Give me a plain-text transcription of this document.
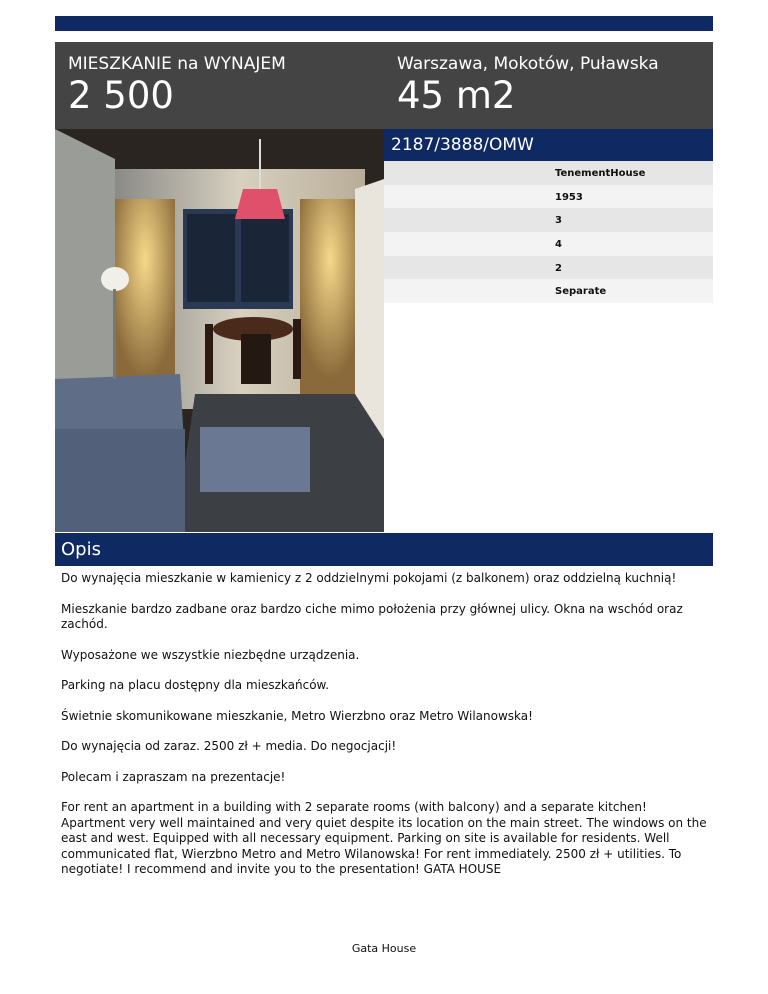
MIESZKANIE na WYNAJEM
2 500
Warszawa, Mokotów, Puławska
45 m2
2187/3888/OMW
TenementHouse
1953
3
4
2
Separate
Opis

Do wynajęcia mieszkanie w kamienicy z 2 oddzielnymi pokojami (z balkonem) oraz oddzielną kuchnią!

Mieszkanie bardzo zadbane oraz bardzo ciche mimo położenia przy głównej ulicy. Okna na wschód oraz zachód.

Wyposażone we wszystkie niezbędne urządzenia.

Parking na placu dostępny dla mieszkańców.

Świetnie skomunikowane mieszkanie, Metro Wierzbno oraz Metro Wilanowska!

Do wynajęcia od zaraz. 2500 zł + media. Do negocjacji!

Polecam i zapraszam na prezentacje!

For rent an apartment in a building with 2 separate rooms (with balcony) and a separate kitchen! Apartment very well maintained and very quiet despite its location on the main street. The windows on the east and west. Equipped with all necessary equipment. Parking on site is available for residents. Well communicated flat, Wierzbno Metro and Metro Wilanowska! For rent immediately. 2500 zł + utilities. To negotiate! I recommend and invite you to the presentation! GATA HOUSE

Gata House
